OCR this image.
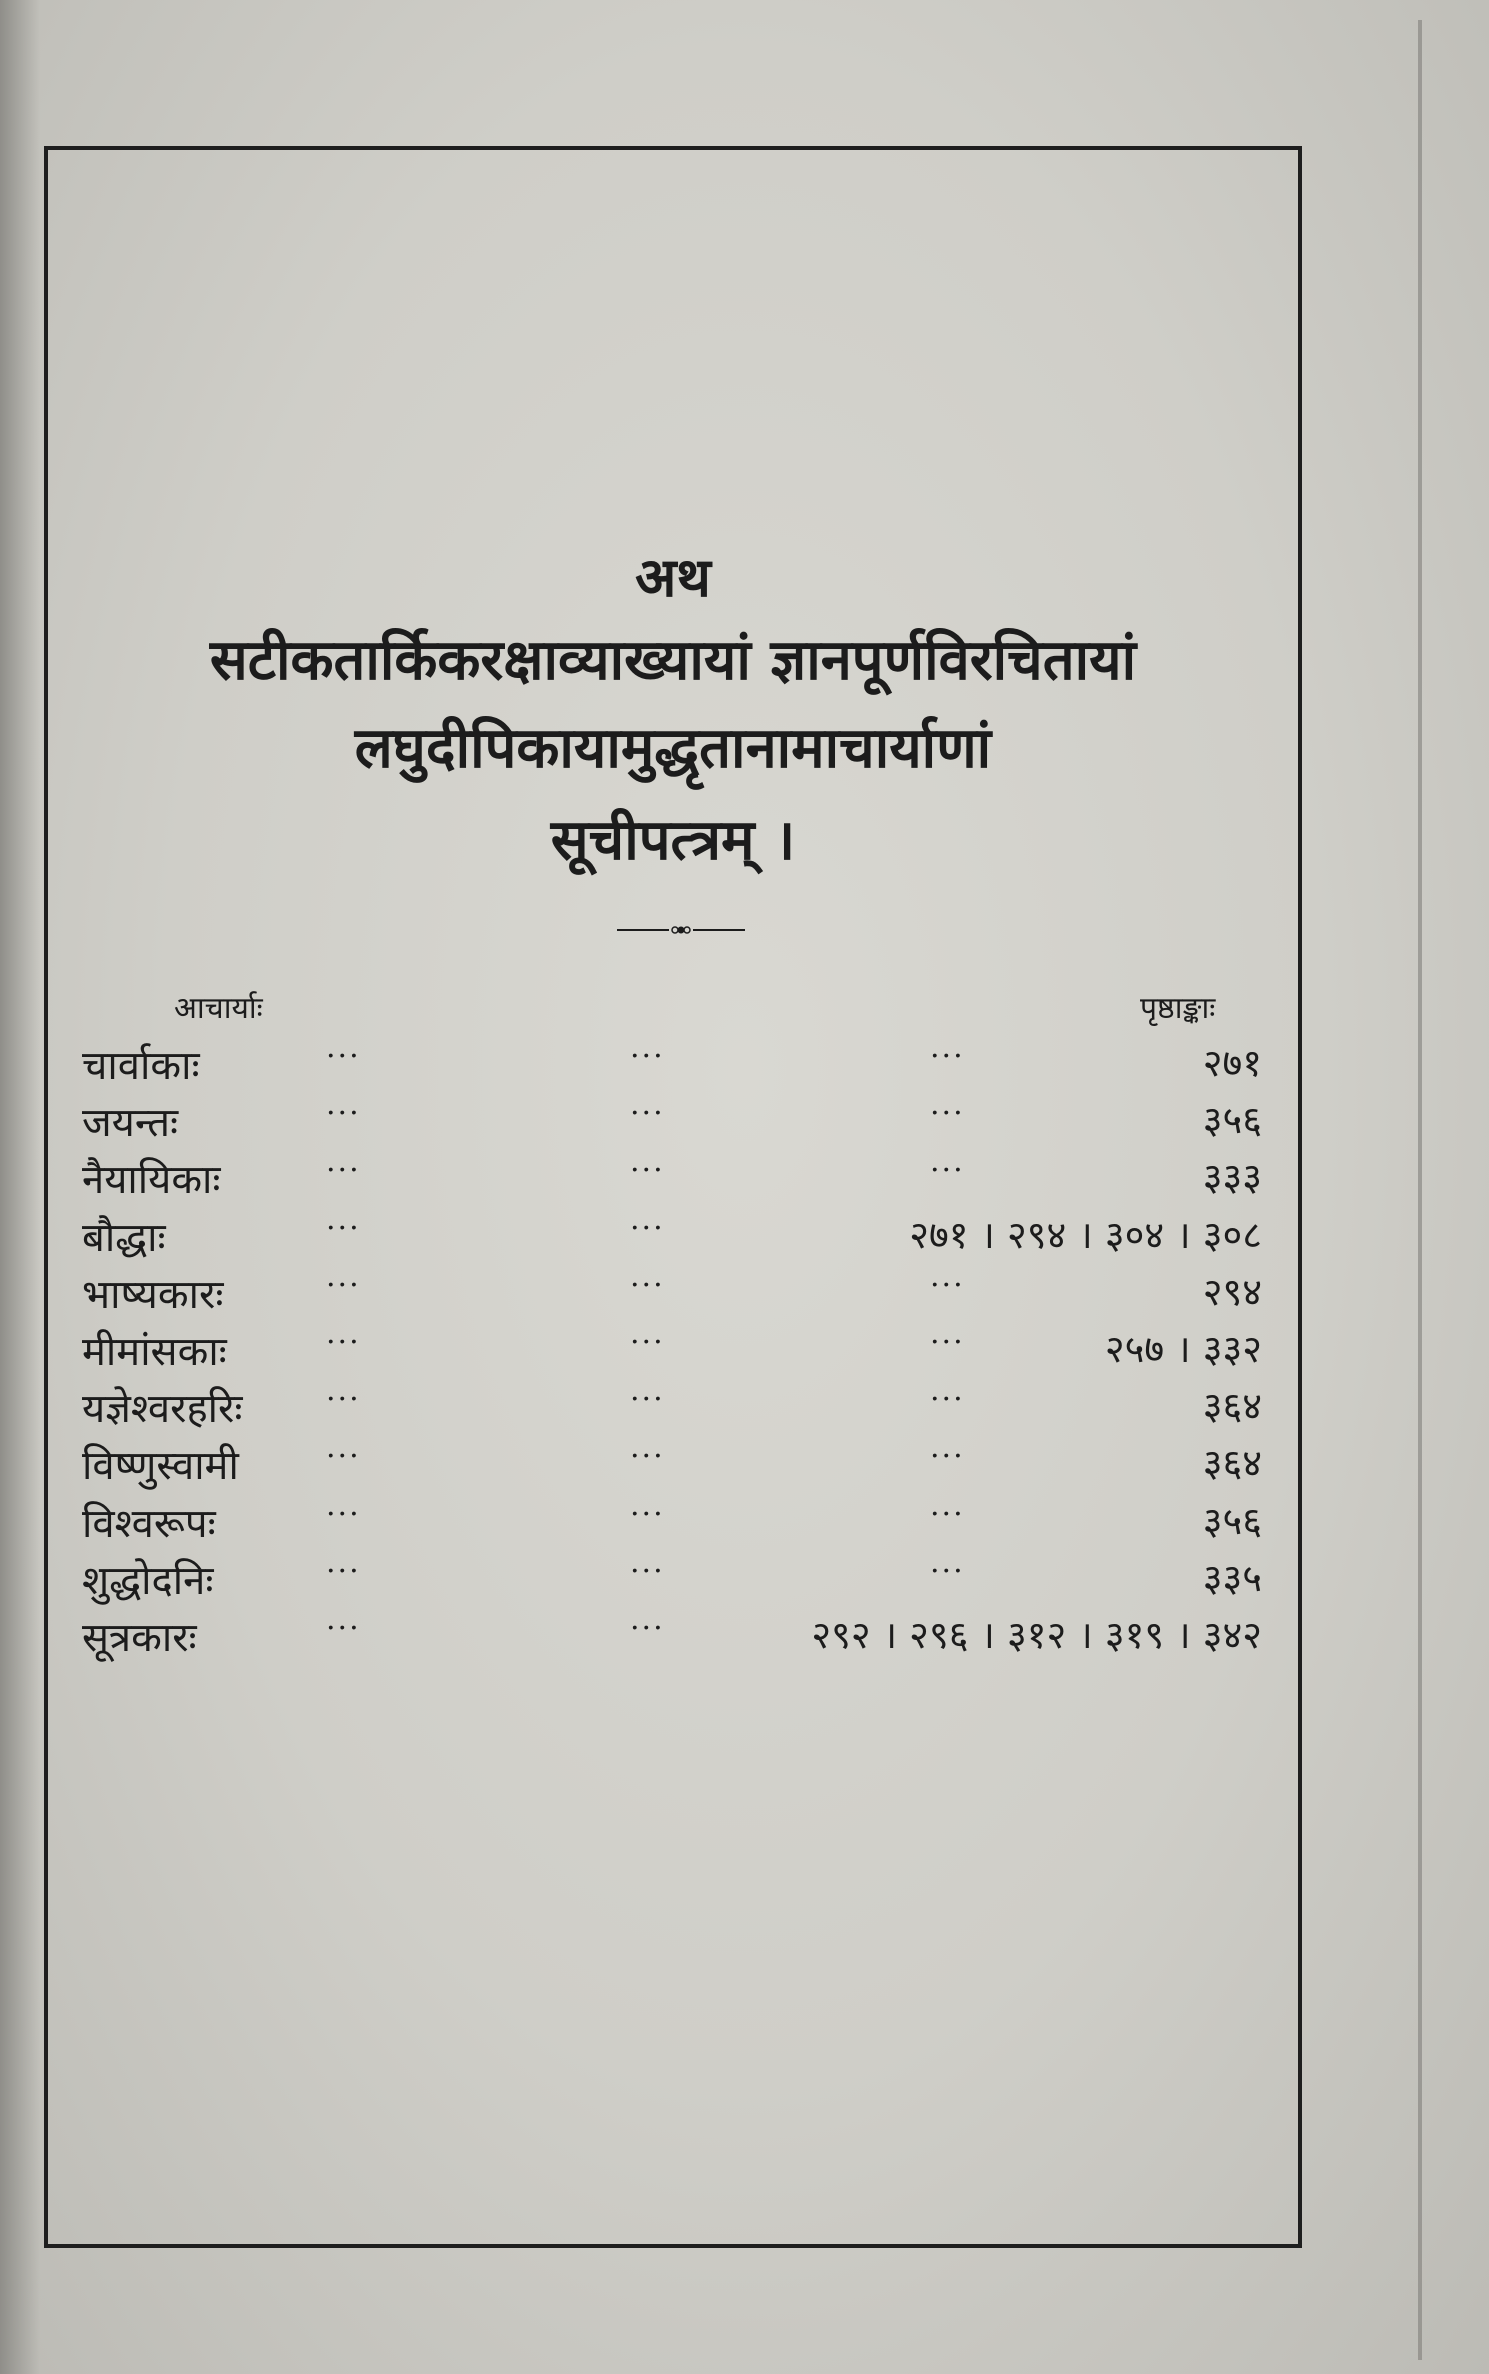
अथ
सटीकतार्किकरक्षाव्याख्यायां ज्ञानपूर्णविरचितायां
लघुदीपिकायामुद्धृतानामाचार्याणां
सूचीपत्त्रम् ।
आचार्याः	पृष्ठाङ्काः
चार्वाकाः	...	...	...	२७१
जयन्तः	...	...	...	३५६
नैयायिकाः	...	...	...	३३३
बौद्धाः	...	...	२७१ । २९४ । ३०४ । ३०८
भाष्यकारः	...	...	...	२९४
मीमांसकाः	...	...	...	२५७ । ३३२
यज्ञेश्वरहरिः	...	...	...	३६४
विष्णुस्वामी	...	...	...	३६४
विश्वरूपः	...	...	...	३५६
शुद्धोदनिः	...	...	...	३३५
सूत्रकारः	...	...	२९२ । २९६ । ३१२ । ३१९ । ३४२
